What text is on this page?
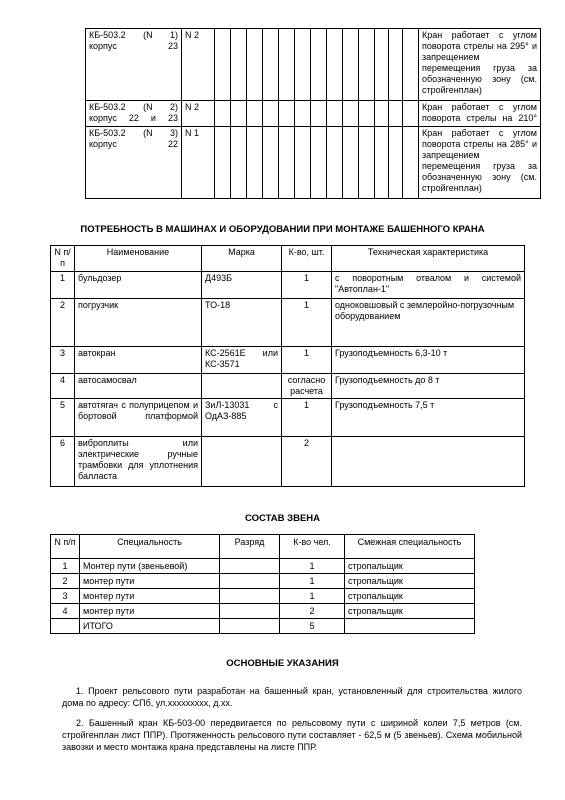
КБ-503.2 (N 1) корпус 23	N 2														Кран работает с углом поворота стрелы на 295° и запрещением перемещения груза за обозначенную зону (см. стройгенплан)
КБ-503.2 (N 2) корпус 22 и 23	N 2														Кран работает с углом поворота стрелы на 210°
КБ-503.2 (N 3) корпус 22	N 1														Кран работает с углом поворота стрелы на 285° и запрещением перемещения груза за обозначенную зону (см. стройгенплан)
ПОТРЕБНОСТЬ В МАШИНАХ И ОБОРУДОВАНИИ ПРИ МОНТАЖЕ БАШЕННОГО КРАНА
N п/п	Наименование	Марка	К-во, шт.	Техническая характеристика
1	бульдозер	Д493Б	1	с поворотным отвалом и системой "Автоплан-1"
2	погрузчик	ТО-18	1	одноковшовый с землеройно-погрузочным оборудованием
3	автокран	КС-2561Е или КС-3571	1	Грузоподъемность 6,3-10 т
4	автосамосвал		согласно расчета	Грузоподъемность до 8 т
5	автотягач с полуприцепом и бортовой платформой	ЗиЛ-13031 с ОдАЗ-885	1	Грузоподъемность 7,5 т
6	виброплиты или электрические ручные трамбовки для уплотнения балласта		2	
СОСТАВ ЗВЕНА
N п/п	Специальность	Разряд	К-во чел.	Смежная специальность
1	Монтер пути (звеньевой)		1	стропальщик
2	монтер пути		1	стропальщик
3	монтер пути		1	стропальщик
4	монтер пути		2	стропальщик
	ИТОГО		5	
ОСНОВНЫЕ УКАЗАНИЯ
1. Проект рельсового пути разработан на башенный кран, установленный для строительства жилого дома по адресу: СПб, ул.xxxxxxxxx, д.хх.
2. Башенный кран КБ-503-00 передвигается по рельсовому пути с шириной колеи 7,5 метров (см. стройгенплан лист ППР). Протяженность рельсового пути составляет - 62,5 м (5 звеньев). Схема мобильной завозки и место монтажа крана представлены на листе ППР.
